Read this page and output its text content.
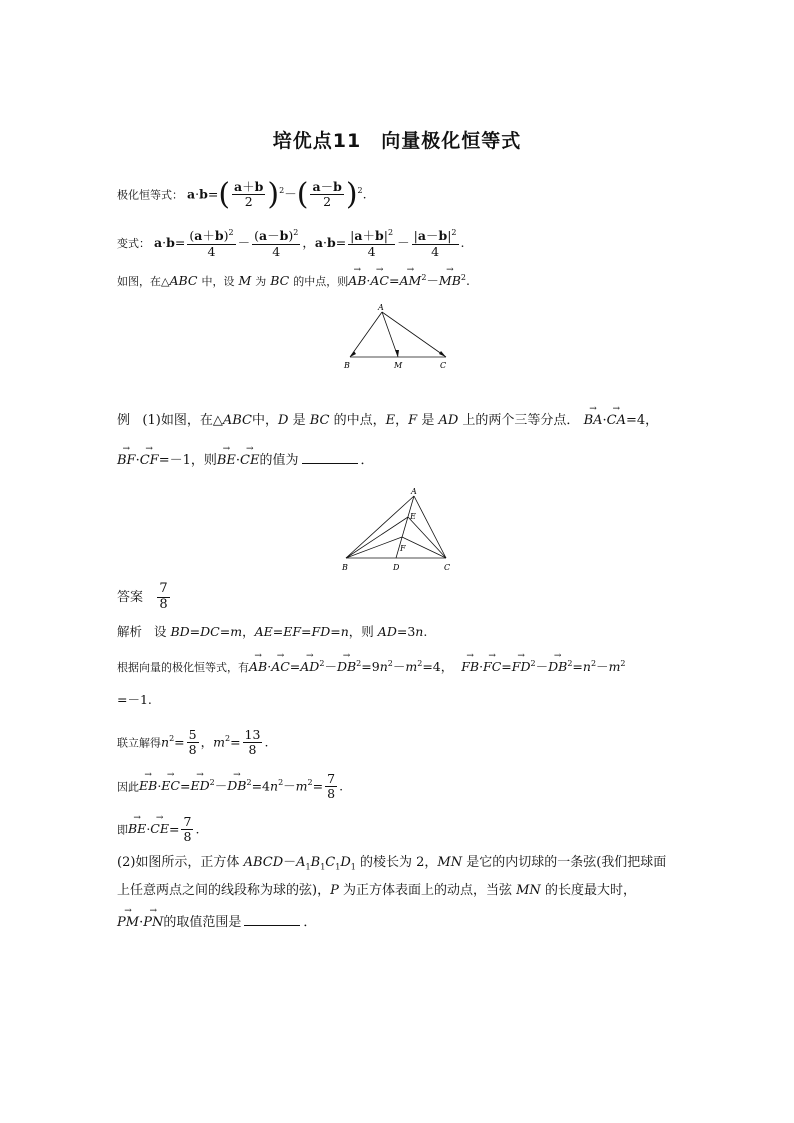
培优点11　向量极化恒等式
极化恒等式： $a\cdot b=( \frac{a+b}{2} )^2-( \frac{a-b}{2} )^2$.
变式： $a\cdot b= \frac{(a+b)^2}{4} - \frac{(a-b)^2}{4}$ ，$a\cdot b= \frac{|a+b|^2}{4} - \frac{|a-b|^2}{4}$ .
如图，在△ABC 中，设 M 为 BC 的中点，则→ $AB\cdot\to AC=\to AM^2-\to MB^2$.
A
B	M	C
例 (1)如图，在△ABC中，D 是 BC 的中点，E，F 是 AD 上的两个三等分点． → BA·→ CA=4，
→ BF·→ CF=－1，则→ BE·→ CE的值为	．
A
E
F
B	D	C
答案 $\frac{7}{8}$
解析 设 BD=DC=m，AE=EF=FD=n，则 AD=3n.
根据向量的极化恒等式，有→ $AB\cdot\to AC=\to AD^2-\to DB^2=9n^2-m^2=4$，  → $FB\cdot\to FC=\to FD^2-\to DB^2=n^2-m^2$
=－1.
联立解得$n^2= \frac{5}{8}$ ，$m^2= \frac{13}{8}$ .
因此→ $EB\cdot\to EC=\to ED^2-\to DB^2=4n^2-m^2= \frac{7}{8}$ .
即→ $BE\cdot\to CE= \frac{7}{8}$ .
(2)如图所示，正方体 $ABCD-A_1B_1C_1D_1$ 的棱长为 2，MN 是它的内切球的一条弦(我们把球面
上任意两点之间的线段称为球的弦)，P 为正方体表面上的动点，当弦 MN 的长度最大时，
→ PM·→ PN的取值范围是	．
